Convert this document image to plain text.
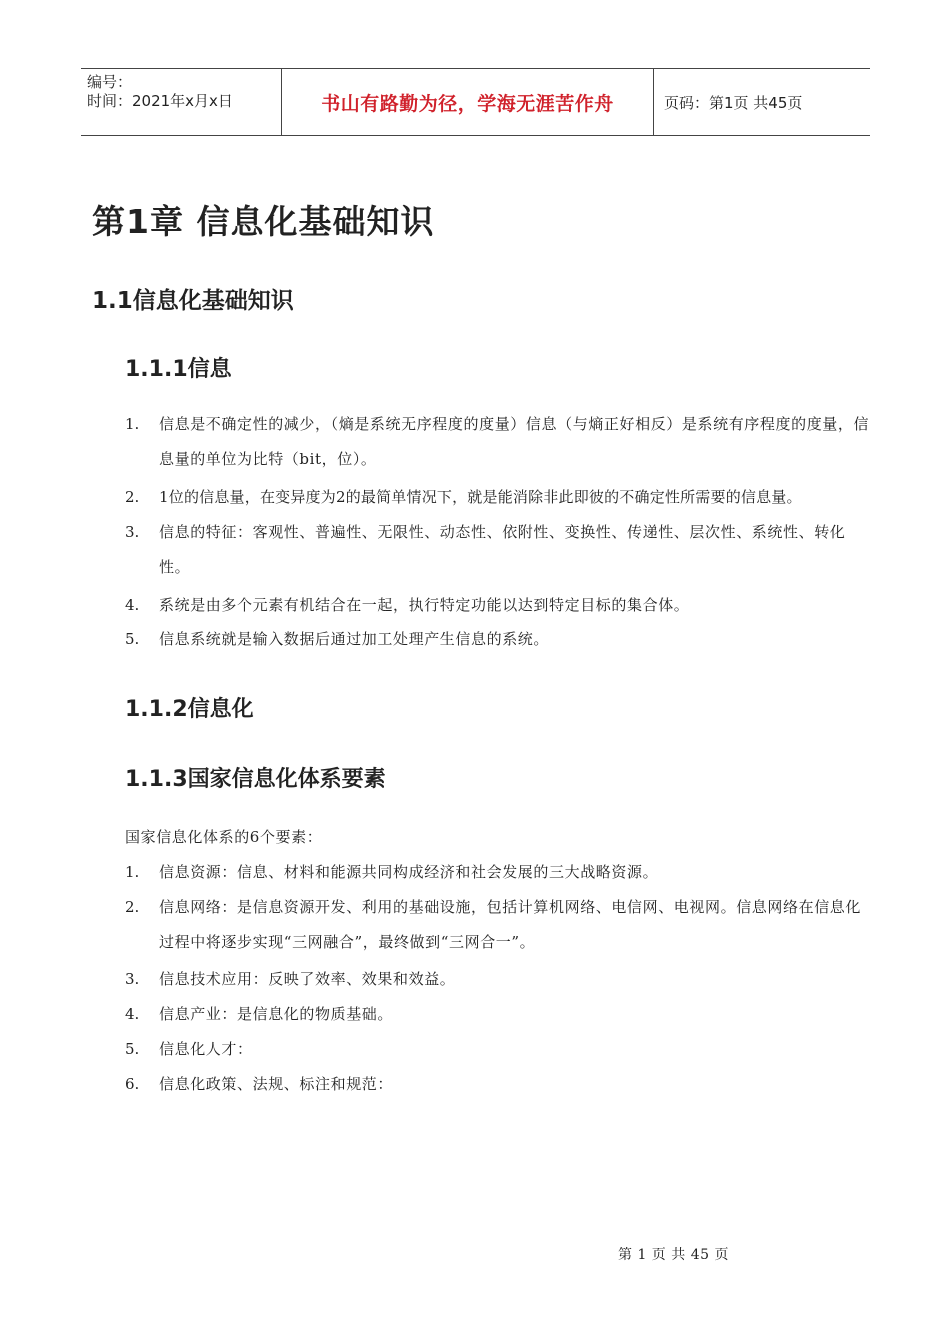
编号：
时间：2021年x月x日	书山有路勤为径，学海无涯苦作舟	页码：第1页 共45页
第1章 信息化基础知识
1.1信息化基础知识
1.1.1信息
1. 信息是不确定性的减少，（熵是系统无序程度的度量）信息（与熵正好相反）是系统有序程度的度量，信息量的单位为比特（bit，位）。
2. 1位的信息量，在变异度为2的最简单情况下，就是能消除非此即彼的不确定性所需要的信息量。
3. 信息的特征：客观性、普遍性、无限性、动态性、依附性、变换性、传递性、层次性、系统性、转化性。
4. 系统是由多个元素有机结合在一起，执行特定功能以达到特定目标的集合体。
5. 信息系统就是输入数据后通过加工处理产生信息的系统。
1.1.2信息化
1.1.3国家信息化体系要素
国家信息化体系的6个要素：
1. 信息资源：信息、材料和能源共同构成经济和社会发展的三大战略资源。
2. 信息网络：是信息资源开发、利用的基础设施，包括计算机网络、电信网、电视网。信息网络在信息化过程中将逐步实现“三网融合”，最终做到“三网合一”。
3. 信息技术应用：反映了效率、效果和效益。
4. 信息产业：是信息化的物质基础。
5. 信息化人才：
6. 信息化政策、法规、标注和规范：
第 1 页 共 45 页
